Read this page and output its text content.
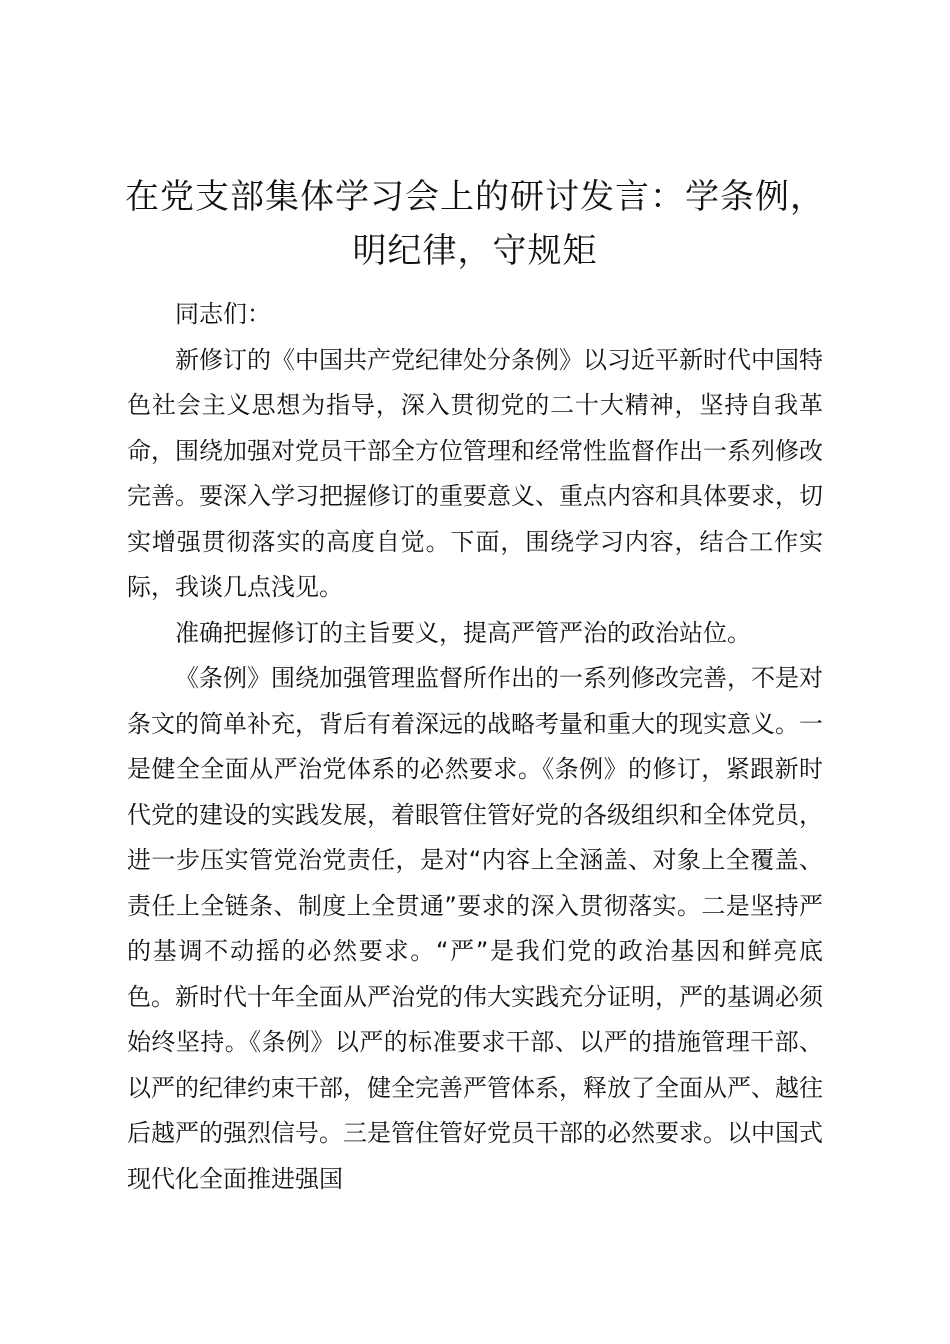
在党支部集体学习会上的研讨发言：学条例，明纪律，守规矩

同志们：

新修订的《中国共产党纪律处分条例》以习近平新时代中国特色社会主义思想为指导，深入贯彻党的二十大精神，坚持自我革命，围绕加强对党员干部全方位管理和经常性监督作出一系列修改完善。要深入学习把握修订的重要意义、重点内容和具体要求，切实增强贯彻落实的高度自觉。下面，围绕学习内容，结合工作实际，我谈几点浅见。

准确把握修订的主旨要义，提高严管严治的政治站位。

《条例》围绕加强管理监督所作出的一系列修改完善，不是对条文的简单补充，背后有着深远的战略考量和重大的现实意义。一是健全全面从严治党体系的必然要求。《条例》的修订，紧跟新时代党的建设的实践发展，着眼管住管好党的各级组织和全体党员，进一步压实管党治党责任，是对“内容上全涵盖、对象上全覆盖、责任上全链条、制度上全贯通”要求的深入贯彻落实。二是坚持严的基调不动摇的必然要求。“严”是我们党的政治基因和鲜亮底色。新时代十年全面从严治党的伟大实践充分证明，严的基调必须始终坚持。《条例》以严的标准要求干部、以严的措施管理干部、以严的纪律约束干部，健全完善严管体系，释放了全面从严、越往后越严的强烈信号。三是管住管好党员干部的必然要求。以中国式现代化全面推进强国
